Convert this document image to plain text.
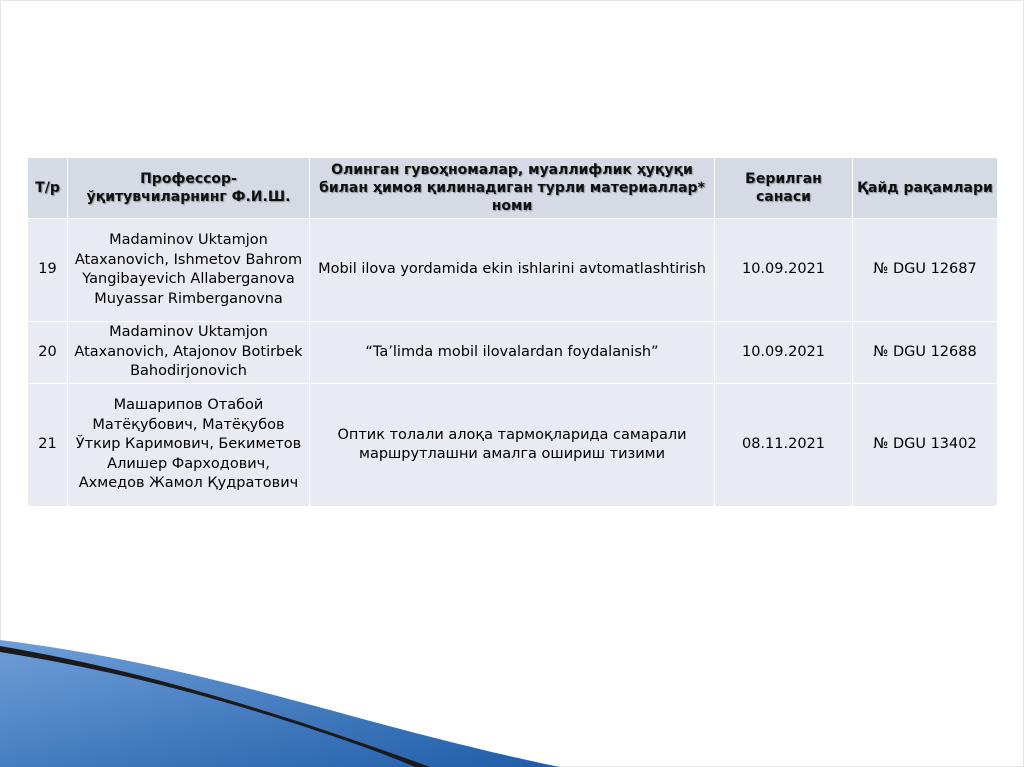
Т/р	Профессор-ўқитувчиларнинг Ф.И.Ш.	Олинган гувоҳномалар, муаллифлик ҳуқуқи билан ҳимоя қилинадиган турли материаллар* номи	Берилган санаси	Қайд рақамлари
19	Madaminov Uktamjon Ataxanovich, Ishmetov Bahrom Yangibayevich Allaberganova Muyassar Rimberganovna	Mobil ilova yordamida ekin ishlarini avtomatlashtirish	10.09.2021	№ DGU 12687
20	Madaminov Uktamjon Ataxanovich, Atajonov Botirbek Bahodirjonovich	“Ta’limda mobil ilovalardan foydalanish”	10.09.2021	№ DGU 12688
21	Машарипов Отабой Матёқубович, Матёқубов Ўткир Каримович, Бекиметов Алишер Фарходович, Ахмедов Жамол Қудратович	Оптик толали алоқа тармоқларида самарали маршрутлашни амалга ошириш тизими	08.11.2021	№ DGU 13402
